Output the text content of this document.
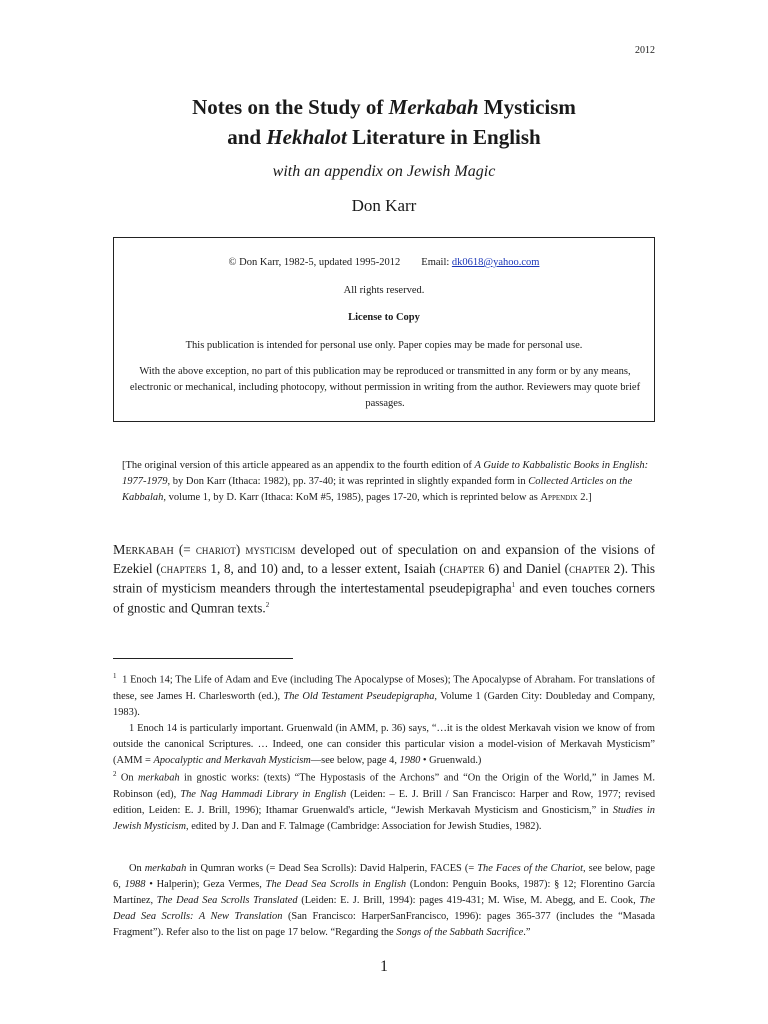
2012
Notes on the Study of Merkabah Mysticism
and Hekhalot Literature in English
with an appendix on Jewish Magic
Don Karr
© Don Karr, 1982-5, updated 1995-2012 Email: dk0618@yahoo.com
All rights reserved.
License to Copy
This publication is intended for personal use only. Paper copies may be made for personal use.
With the above exception, no part of this publication may be reproduced or transmitted in any form or by any means, electronic or mechanical, including photocopy, without permission in writing from the author. Reviewers may quote brief passages.
[The original version of this article appeared as an appendix to the fourth edition of A Guide to Kabbalistic Books in English: 1977-1979, by Don Karr (Ithaca: 1982), pp. 37-40; it was reprinted in slightly expanded form in Collected Articles on the Kabbalah, volume 1, by D. Karr (Ithaca: KoM #5, 1985), pages 17-20, which is reprinted below as Appendix 2.]
Merkabah (= chariot) mysticism developed out of speculation on and expansion of the visions of Ezekiel (chapters 1, 8, and 10) and, to a lesser extent, Isaiah (chapter 6) and Daniel (chapter 2). This strain of mysticism meanders through the intertestamental pseudepigrapha$^1$ and even touches corners of gnostic and Qumran texts.$^2$

$^1$ 1 Enoch 14; The Life of Adam and Eve (including The Apocalypse of Moses); The Apocalypse of Abraham. For translations of these, see James H. Charlesworth (ed.), The Old Testament Pseudepigrapha, Volume 1 (Garden City: Doubleday and Company, 1983).

1 Enoch 14 is particularly important. Gruenwald (in AMM, p. 36) says, “…it is the oldest Merkavah vision we know of from outside the canonical Scriptures. … Indeed, one can consider this particular vision a model-vision of Merkavah Mysticism” (AMM = Apocalyptic and Merkavah Mysticism—see below, page 4, 1980 • Gruenwald.)

$^2$ On merkabah in gnostic works: (texts) “The Hypostasis of the Archons” and “On the Origin of the World,” in James M. Robinson (ed), The Nag Hammadi Library in English (Leiden: – E. J. Brill / San Francisco: Harper and Row, 1977; revised edition, Leiden: E. J. Brill, 1996); Ithamar Gruenwald's article, “Jewish Merkavah Mysticism and Gnosticism,” in Studies in Jewish Mysticism, edited by J. Dan and F. Talmage (Cambridge: Association for Jewish Studies, 1982).

On merkabah in Qumran works (= Dead Sea Scrolls): David Halperin, FACES (= The Faces of the Chariot, see below, page 6, 1988 • Halperin); Geza Vermes, The Dead Sea Scrolls in English (London: Penguin Books, 1987): § 12; Florentino García Martínez, The Dead Sea Scrolls Translated (Leiden: E. J. Brill, 1994): pages 419-431; M. Wise, M. Abegg, and E. Cook, The Dead Sea Scrolls: A New Translation (San Francisco: HarperSanFrancisco, 1996): pages 365-377 (includes the “Masada Fragment”). Refer also to the list on page 17 below. “Regarding the Songs of the Sabbath Sacrifice.”

1
